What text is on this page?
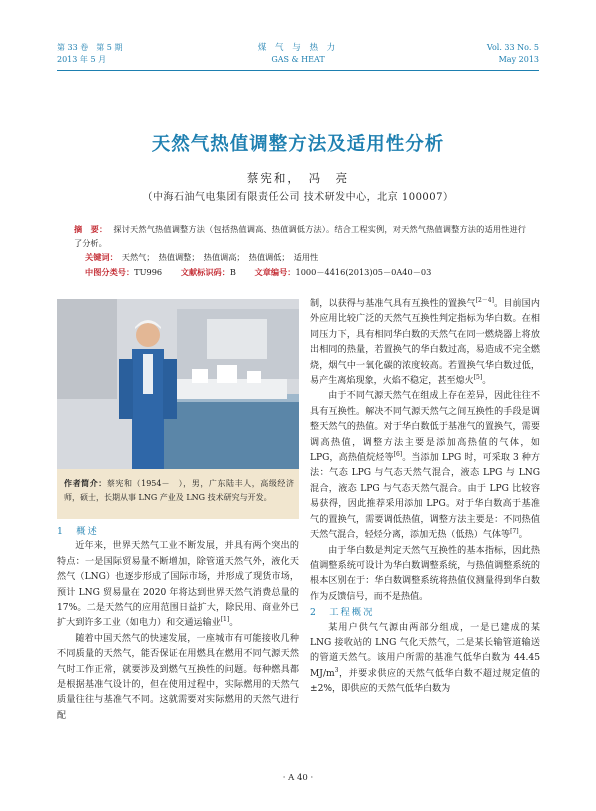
第 33 卷　第 5 期
2013 年 5 月
煤 气 与 热 力
GAS & HEAT
Vol. 33 No. 5
May 2013
天然气热值调整方法及适用性分析
蔡宪和，　冯　亮
（中海石油气电集团有限责任公司 技术研发中心，北京 100007）
摘　要： 探讨天然气热值调整方法（包括热值调高、热值调低方法）。结合工程实例，对天然气热值调整方法的适用性进行了分析。
关键词： 天然气；　热值调整；　热值调高；　热值调低；　适用性
中图分类号：TU996 文献标识码：B 文章编号：1000－4416(2013)05－0A40－03
作者简介：蔡宪和（1954－　），男，广东陆丰人，高级经济师，硕士，长期从事 LNG 产业及 LNG 技术研究与开发。

1　概述

近年来，世界天然气工业不断发展，并具有两个突出的特点：一是国际贸易量不断增加，除管道天然气外，液化天然气（LNG）也逐步形成了国际市场，并形成了现货市场，预计 LNG 贸易量在 2020 年将达到世界天然气消费总量的 17%。二是天然气的应用范围日益扩大，除民用、商业外已扩大到许多工业（如电力）和交通运输业[1]。

随着中国天然气的快速发展，一座城市有可能接收几种不同质量的天然气，能否保证在用燃具在燃用不同气源天然气时工作正常，就要涉及到燃气互换性的问题。每种燃具都是根据基准气设计的，但在使用过程中，实际燃用的天然气质量往往与基准气不同。这就需要对实际燃用的天然气进行配

制，以获得与基准气具有互换性的置换气[2－4]。目前国内外应用比较广泛的天然气互换性判定指标为华白数。在相同压力下，具有相同华白数的天然气在同一燃烧器上将放出相同的热量，若置换气的华白数过高，易造成不完全燃烧，烟气中一氧化碳的浓度较高。若置换气华白数过低，易产生离焰现象，火焰不稳定，甚至熄火[5]。

由于不同气源天然气在组成上存在差异，因此往往不具有互换性。解决不同气源天然气之间互换性的手段是调整天然气的热值。对于华白数低于基准气的置换气，需要调高热值，调整方法主要是添加高热值的气体，如 LPG，高热值烷烃等[6]。当添加 LPG 时，可采取 3 种方法：气态 LPG 与气态天然气混合，液态 LPG 与 LNG 混合，液态 LPG 与气态天然气混合。由于 LPG 比较容易获得，因此推荐采用添加 LPG。对于华白数高于基准气的置换气，需要调低热值，调整方法主要是：不同热值天然气混合，轻烃分离，添加无热（低热）气体等[7]。

由于华白数是判定天然气互换性的基本指标，因此热值调整系统可设计为华白数调整系统，与热值调整系统的根本区别在于：华白数调整系统将热值仪测量得到华白数作为反馈信号，而不是热值。

2　工程概况

某用户供气气源由两部分组成，一是已建成的某 LNG 接收站的 LNG 气化天然气，二是某长输管道输送的管道天然气。该用户所需的基准气低华白数为 44.45 $MJ/m^3$，并要求供应的天然气低华白数不超过规定值的 ±2%，即供应的天然气低华白数为

· A 40 ·
